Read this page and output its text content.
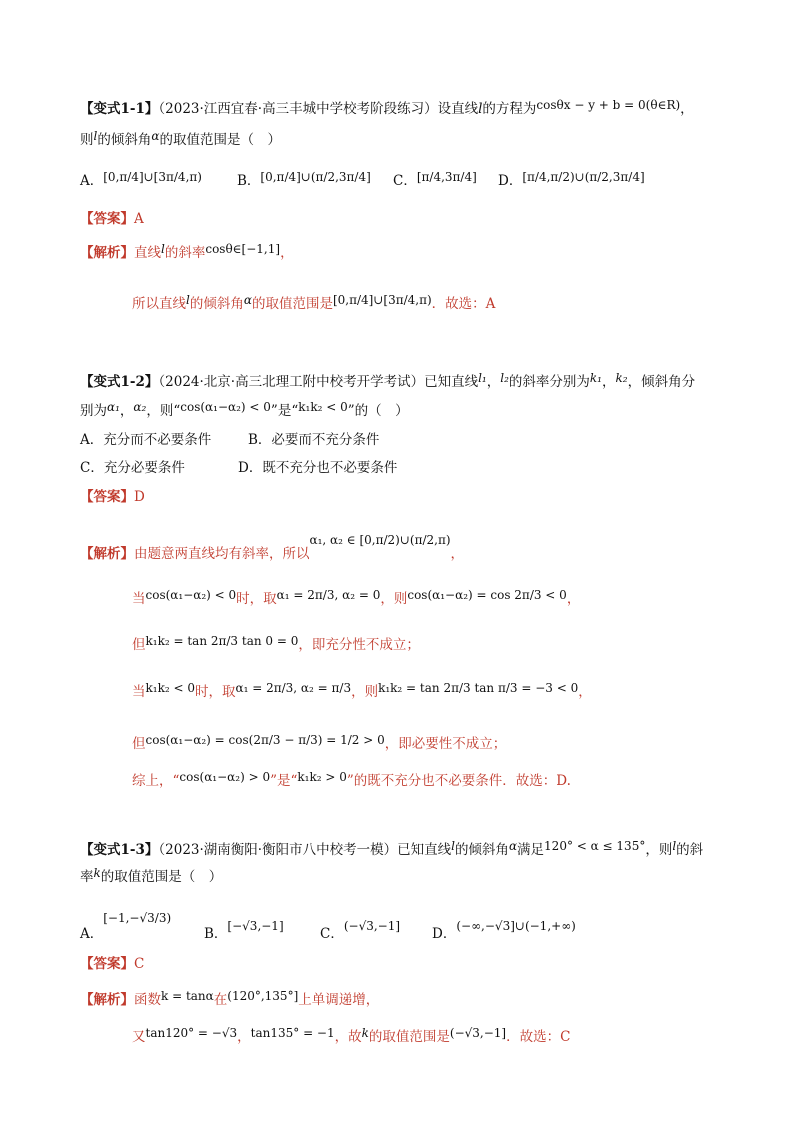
【变式1-1】（2023·江西宜春·高三丰城中学校考阶段练习）设直线l的方程为cosθx − y + b = 0(θ∈R)，
则l的倾斜角α的取值范围是（　）
A．[0,π/4]∪[3π/4,π)	B．[0,π/4]∪(π/2,3π/4] C．[π/4,3π/4] D．[π/4,π/2)∪(π/2,3π/4]
【答案】A
【解析】直线l的斜率cosθ∈[−1,1]，
所以直线l的倾斜角α的取值范围是[0,π/4]∪[3π/4,π)．故选：A
【变式1-2】（2024·北京·高三北理工附中校考开学考试）已知直线l₁，l₂的斜率分别为k₁，k₂，倾斜角分
别为α₁，α₂，则“cos(α₁−α₂) < 0”是“k₁k₂ < 0”的（　）
A．充分而不必要条件	B．必要而不充分条件
C．充分必要条件	D．既不充分也不必要条件
【答案】D
【解析】由题意两直线均有斜率，所以α₁, α₂ ∈ [0,π/2)∪(π/2,π)，
当cos(α₁−α₂) < 0时，取α₁ = 2π/3, α₂ = 0，则cos(α₁−α₂) = cos 2π/3 < 0，
但k₁k₂ = tan 2π/3 tan 0 = 0，即充分性不成立；
当k₁k₂ < 0时，取α₁ = 2π/3, α₂ = π/3，则k₁k₂ = tan 2π/3 tan π/3 = −3 < 0，
但cos(α₁−α₂) = cos(2π/3 − π/3) = 1/2 > 0，即必要性不成立；
综上，“cos(α₁−α₂) > 0”是“k₁k₂ > 0”的既不充分也不必要条件．故选：D.
【变式1-3】（2023·湖南衡阳·衡阳市八中校考一模）已知直线l的倾斜角α满足120° < α ≤ 135°，则l的斜
率k的取值范围是（　）
A．[−1,−√3/3)
B．[−√3,−1]	C．(−√3,−1] D．(−∞,−√3]∪(−1,+∞)
【答案】C
【解析】函数k = tanα在(120°,135°]上单调递增，
又tan120° = −√3，tan135° = −1，故k的取值范围是(−√3,−1]．故选：C
